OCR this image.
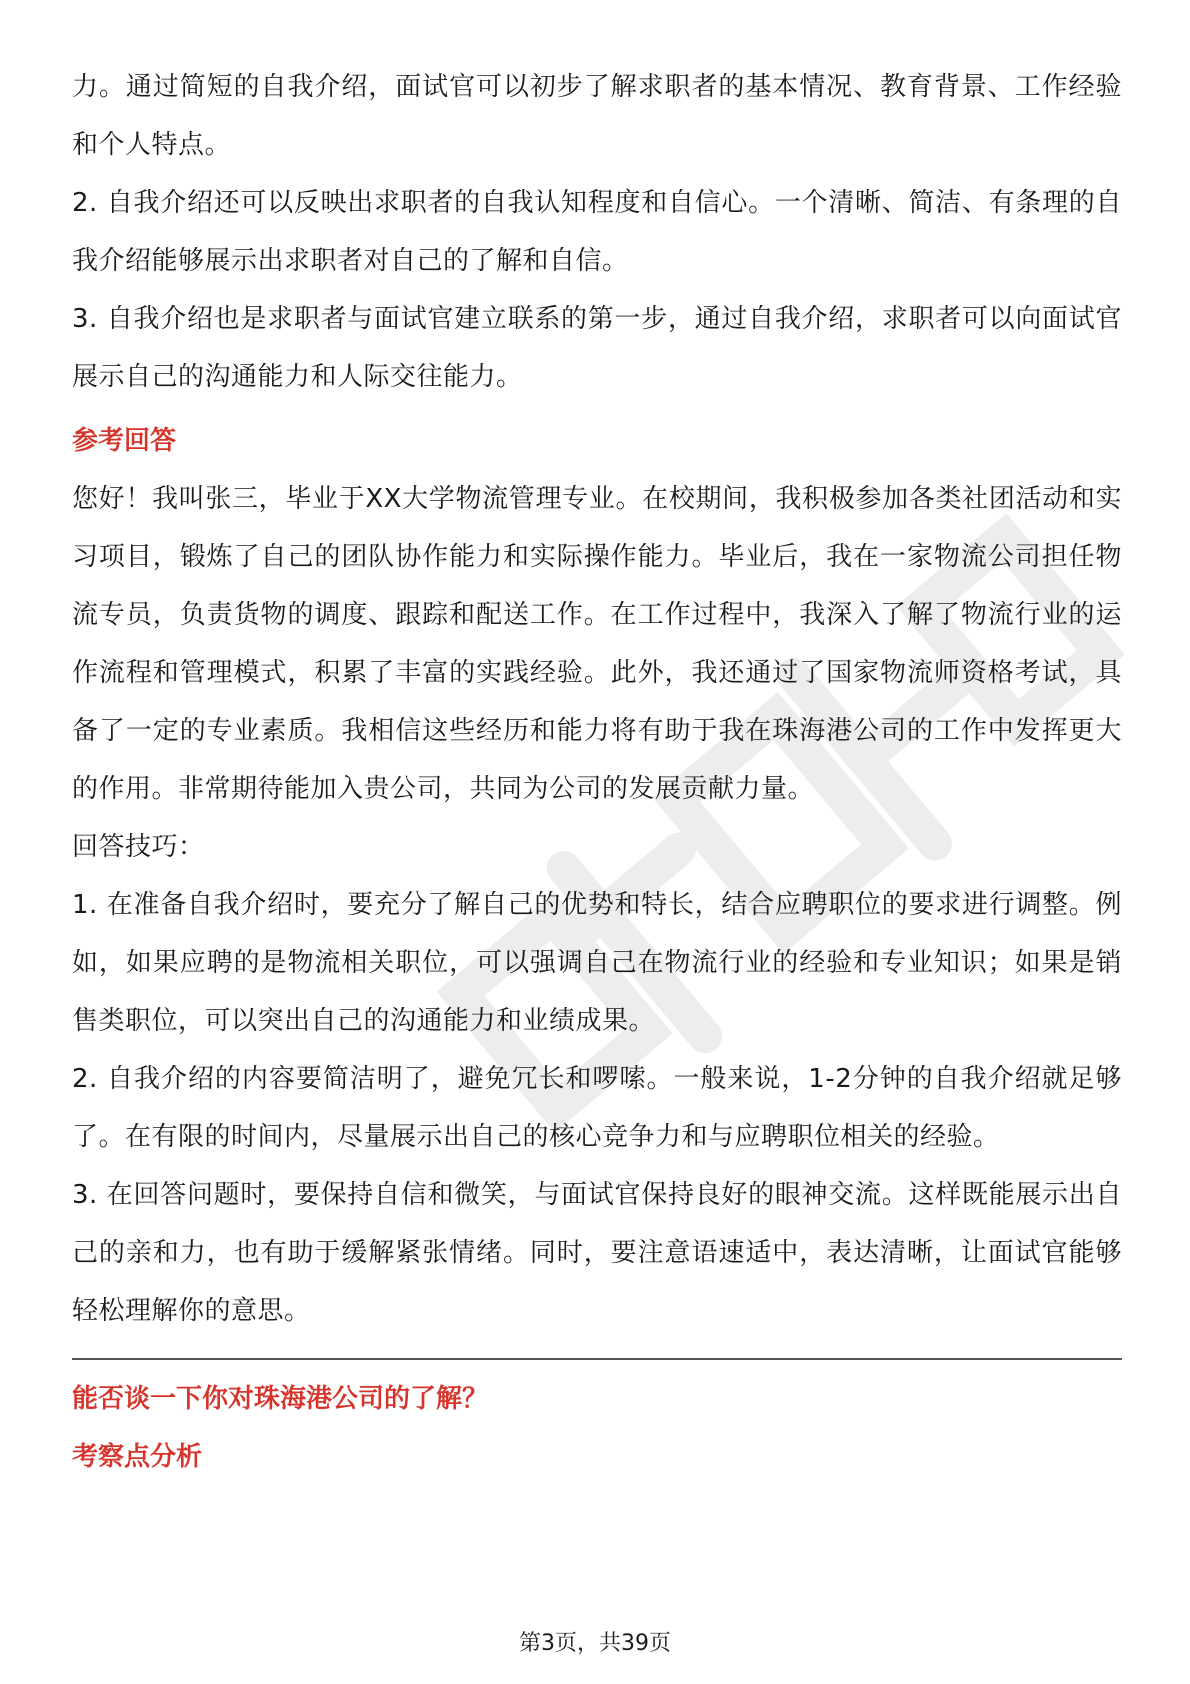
力。通过简短的自我介绍，面试官可以初步了解求职者的基本情况、教育背景、工作经验和个人特点。

2. 自我介绍还可以反映出求职者的自我认知程度和自信心。一个清晰、简洁、有条理的自我介绍能够展示出求职者对自己的了解和自信。

3. 自我介绍也是求职者与面试官建立联系的第一步，通过自我介绍，求职者可以向面试官展示自己的沟通能力和人际交往能力。

参考回答

您好！我叫张三，毕业于XX大学物流管理专业。在校期间，我积极参加各类社团活动和实习项目，锻炼了自己的团队协作能力和实际操作能力。毕业后，我在一家物流公司担任物流专员，负责货物的调度、跟踪和配送工作。在工作过程中，我深入了解了物流行业的运作流程和管理模式，积累了丰富的实践经验。此外，我还通过了国家物流师资格考试，具备了一定的专业素质。我相信这些经历和能力将有助于我在珠海港公司的工作中发挥更大的作用。非常期待能加入贵公司，共同为公司的发展贡献力量。

回答技巧：

1. 在准备自我介绍时，要充分了解自己的优势和特长，结合应聘职位的要求进行调整。例如，如果应聘的是物流相关职位，可以强调自己在物流行业的经验和专业知识；如果是销售类职位，可以突出自己的沟通能力和业绩成果。

2. 自我介绍的内容要简洁明了，避免冗长和啰嗦。一般来说，1-2分钟的自我介绍就足够了。在有限的时间内，尽量展示出自己的核心竞争力和与应聘职位相关的经验。

3. 在回答问题时，要保持自信和微笑，与面试官保持良好的眼神交流。这样既能展示出自己的亲和力，也有助于缓解紧张情绪。同时，要注意语速适中，表达清晰，让面试官能够轻松理解你的意思。

能否谈一下你对珠海港公司的了解？

考察点分析

第3页，共39页
